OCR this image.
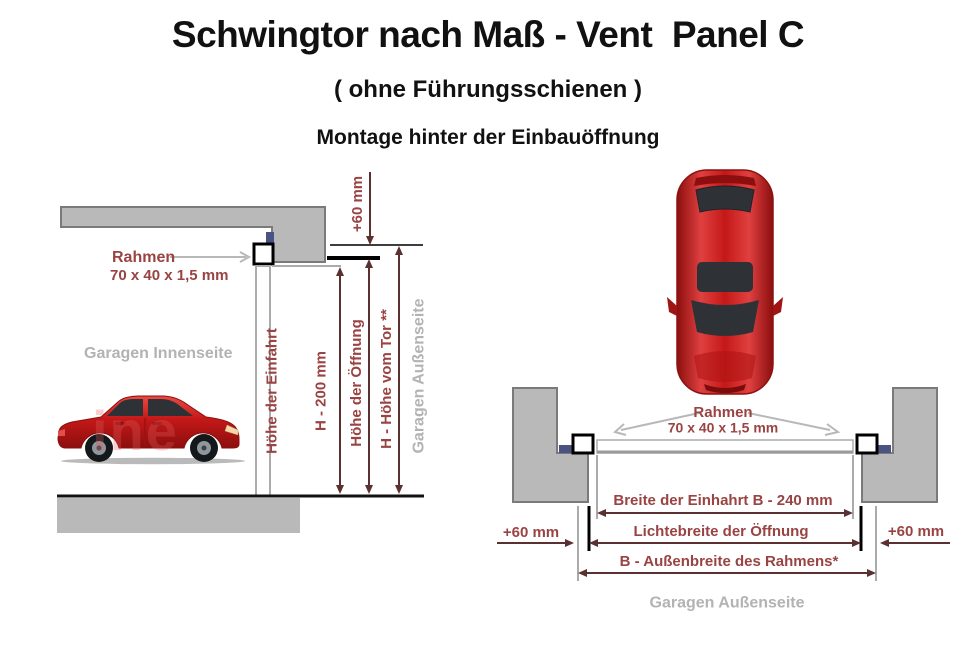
Schwingtor nach Maß - Vent  Panel C
( ohne Führungsschienen )
Montage hinter der Einbauöffnung
Rahmen
70 x 40 x 1,5 mm
Garagen Innenseite
+60 mm

Höhe der Einfahrt

H - 200 mm

Höhe der Öffnung H - Höhe vom Tor ** Garagen Außenseite
ine	Rahmen
70 x 40 x 1,5 mm
Breite der Einhahrt B - 240 mm
Lichtebreite der Öffnung
B - Außenbreite des Rahmens*
+60 mm	+60 mm
Garagen Außenseite
